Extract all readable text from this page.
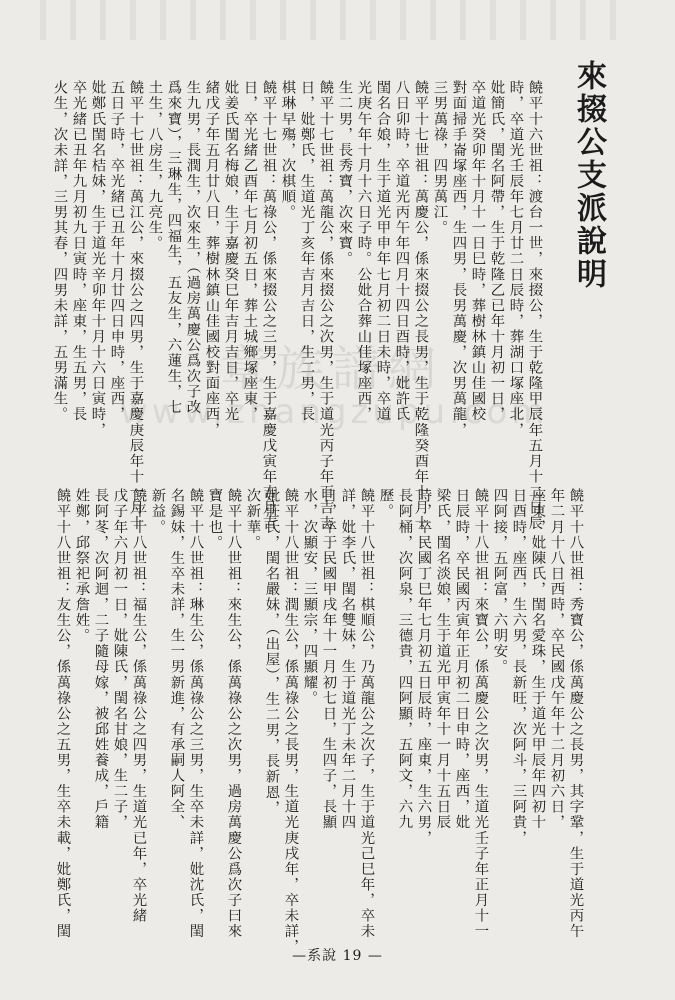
章族譜網
www.zhangzupu.com
來掇公支派說明
饒平十六世祖：渡台一世，來掇公，生于乾隆甲辰年五月十二日辰
時，卒道光壬辰年七月廿二日辰時，葬湖口塚座北，
妣簡氏，閨名阿帶，生于乾隆乙已年十月初一日，
卒道光癸卯年十月十一日巳時，葬樹林鎮山佳國校
對面掃手崙塚座西，生四男，長男萬慶，次男萬龍，
三男萬祿，四男萬江。
饒平十七世祖：萬慶公，係來掇公之長男，生于乾隆癸酉年十月十
八日卯時，卒道光丙午年四月十四日酉時，妣許氏
閨名合娘，生于道光甲申年七月初二日未時，卒道
光庚午年十月十六日子時。公妣合葬山佳塚座西，
生二男，長秀寶，次來寶。
饒平十七世祖：萬龍公，係來掇公之次男，生于道光丙子年百吉吉
日，妣鄭氏，生道光丁亥年吉月吉日，生二男，長
棋琳早殤，次棋順。
饒平十七世祖：萬祿公，係來掇公之三男，生于嘉慶戊寅年吉月吉
日，卒光緒乙酉年七月初五日，葬土城鄉塚座東，
妣姜氏閨名梅娘，生于嘉慶癸巳年吉月吉日，卒光
緒戊子年五月廿八日，葬樹林鎮山佳國校對面座西，
生九男，長潤生，次來生，（過房萬慶公爲次子改
爲來寶），三琳生，四福生，五友生，六蓮生，七
土生，八房生，九亮生。
饒平十七世祖：萬江公，來掇公之四男，生于嘉慶庚辰年十一月十
五日子時，卒光緒已丑年十月廿四日申時，座西，
妣鄭氏閨名桔妹，生于道光辛卯年十月十六日寅時，
卒光緒已丑年九月初九日寅時，座東，生五男，長
火生，次未詳，三男其春，四男未詳，五男滿生。
饒平十八世祖：秀寶公，係萬慶公之長男，其字鞏，生于道光丙午
年二月十八日西時，卒民國戊午年十二月初六日，
座東，妣陳氏，閨名愛珠，生于道光甲辰年四初十
日酉時，座西，生六男，長新旺，次阿斗，三阿貴，
四阿接，五阿富，六明安。
饒平十八世祖：來寶公，係萬慶公之次男，生道光壬子年正月十一
日辰時，卒民國丙寅年正月初二日申時，座西，妣
梁氏，閨名淡娘，生于道光甲寅年十一月十五日辰
時，卒民國丁巳年七月初五日辰時，座東，生六男，
長阿桶，次阿泉，三德貴，四阿顯，五阿文，六九
歷。
饒平十八世祖：棋順公，乃萬龍公之次子，生于道光己巳年，卒未
詳，妣李氏，閨名雙妹，生于道光丁未年二月十四
日，卒于民國甲戌年十一月初七日，生四子，長顯
水，次顯安，三顯宗，四顯耀。
饒平十八世祖：潤生公，係萬祿公之長男，生道光庚戌年，卒未詳，
妣莊氏，閨名嚴妹，（出屋），生二男，長新恩，
次新華。
饒平十八世祖：來生公，係萬祿公之次男，過房萬慶公爲次子曰來
寶是也。
饒平十八世祖：琳生公，係萬祿公之三男，生卒未詳，妣沈氏，閨
名錫妹，生卒未詳，生一男新進，有承嗣人阿全、
新益。
饒平十八世祖：福生公，係萬祿公之四男，生道光已年，卒光緒
戊子年六月初一日，妣陳氏，閨名甘娘，生二子，
長阿苳，次阿迴，二子隨母嫁，被邱姓養成，戶籍
姓鄭，邱祭祀承詹姓。
饒平十八世祖：友生公，係萬祿公之五男，生卒未載，妣鄭氏，閨
—系說 19 —
